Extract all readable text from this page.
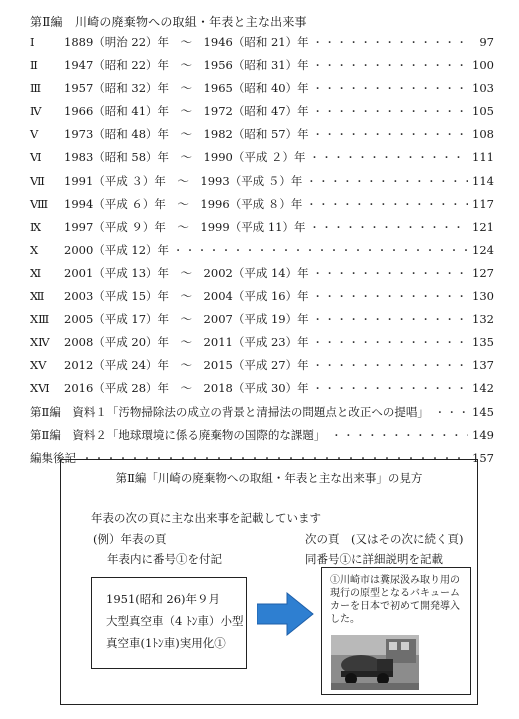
第Ⅱ編　川崎の廃棄物への取組・年表と主な出来事
Ⅰ	1889（明治 22）年　～　1946（昭和 21）年 ・・・・・・・・・・・・・・・・・・・・・・・・・・・・・・・・・・・・・・・・・・・・・・・・・・・・・・・・・・・・・・・・・・・・	97
Ⅱ	1947（昭和 22）年　～　1956（昭和 31）年 ・・・・・・・・・・・・・・・・・・・・・・・・・・・・・・・・・・・・・・・・・・・・・・・・・・・・・・・・・・・・・・・・・・・・	100
Ⅲ	1957（昭和 32）年　～　1965（昭和 40）年 ・・・・・・・・・・・・・・・・・・・・・・・・・・・・・・・・・・・・・・・・・・・・・・・・・・・・・・・・・・・・・・・・・・・・	103
Ⅳ	1966（昭和 41）年　～　1972（昭和 47）年 ・・・・・・・・・・・・・・・・・・・・・・・・・・・・・・・・・・・・・・・・・・・・・・・・・・・・・・・・・・・・・・・・・・・・	105
Ⅴ	1973（昭和 48）年　～　1982（昭和 57）年 ・・・・・・・・・・・・・・・・・・・・・・・・・・・・・・・・・・・・・・・・・・・・・・・・・・・・・・・・・・・・・・・・・・・・	108
Ⅵ	1983（昭和 58）年　～　1990（平成 ２）年 ・・・・・・・・・・・・・・・・・・・・・・・・・・・・・・・・・・・・・・・・・・・・・・・・・・・・・・・・・・・・・・・・・・・・	111
Ⅶ	1991（平成 ３）年　～　1993（平成 ５）年 ・・・・・・・・・・・・・・・・・・・・・・・・・・・・・・・・・・・・・・・・・・・・・・・・・・・・・・・・・・・・・・・・・・・・	114
Ⅷ	1994（平成 ６）年　～　1996（平成 ８）年 ・・・・・・・・・・・・・・・・・・・・・・・・・・・・・・・・・・・・・・・・・・・・・・・・・・・・・・・・・・・・・・・・・・・・	117
Ⅸ	1997（平成 ９）年　～　1999（平成 11）年 ・・・・・・・・・・・・・・・・・・・・・・・・・・・・・・・・・・・・・・・・・・・・・・・・・・・・・・・・・・・・・・・・・・・・	121
Ⅹ	2000（平成 12）年 ・・・・・・・・・・・・・・・・・・・・・・・・・・・・・・・・・・・・・・・・・・・・・・・・・・・・・・・・・・・・・・・・・・・・	124
Ⅺ	2001（平成 13）年　～　2002（平成 14）年 ・・・・・・・・・・・・・・・・・・・・・・・・・・・・・・・・・・・・・・・・・・・・・・・・・・・・・・・・・・・・・・・・・・・・	127
Ⅻ	2003（平成 15）年　～　2004（平成 16）年 ・・・・・・・・・・・・・・・・・・・・・・・・・・・・・・・・・・・・・・・・・・・・・・・・・・・・・・・・・・・・・・・・・・・・	130
XⅢ	2005（平成 17）年　～　2007（平成 19）年 ・・・・・・・・・・・・・・・・・・・・・・・・・・・・・・・・・・・・・・・・・・・・・・・・・・・・・・・・・・・・・・・・・・・・	132
XⅣ	2008（平成 20）年　～　2011（平成 23）年 ・・・・・・・・・・・・・・・・・・・・・・・・・・・・・・・・・・・・・・・・・・・・・・・・・・・・・・・・・・・・・・・・・・・・	135
XⅤ	2012（平成 24）年　～　2015（平成 27）年 ・・・・・・・・・・・・・・・・・・・・・・・・・・・・・・・・・・・・・・・・・・・・・・・・・・・・・・・・・・・・・・・・・・・・	137
XⅥ	2016（平成 28）年　～　2018（平成 30）年 ・・・・・・・・・・・・・・・・・・・・・・・・・・・・・・・・・・・・・・・・・・・・・・・・・・・・・・・・・・・・・・・・・・・・	142
第Ⅱ編　資料１「汚物掃除法の成立の背景と清掃法の問題点と改正への提唱」 ・・・・・・・・・・・・・・・・・・・・・・・・・・・・・・・・・・・・・・・・・・・・・・・・・・・・・・・・・・・・・・・・・・・・	145
第Ⅱ編　資料２「地球環境に係る廃棄物の国際的な課題」 ・・・・・・・・・・・・・・・・・・・・・・・・・・・・・・・・・・・・・・・・・・・・・・・・・・・・・・・・・・・・・・・・・・・・	149
編集後記 ・・・・・・・・・・・・・・・・・・・・・・・・・・・・・・・・・・・・・・・・・・・・・・・・・・・・・・・・・・・・・・・・・・・・	157
第Ⅱ編「川崎の廃棄物への取組・年表と主な出来事」の見方
年表の次の頁に主な出来事を記載しています
(例）年表の頁
年表内に番号①を付記
次の頁　(又はその次に続く頁)
同番号①に詳細説明を記載
1951(昭和 26)年９月
大型真空車（4 ﾄﾝ車）小型
真空車(1ﾄﾝ車)実用化①
①川崎市は糞尿汲み取り用の
現行の原型となるバキューム
カーを日本で初めて開発導入
した。
